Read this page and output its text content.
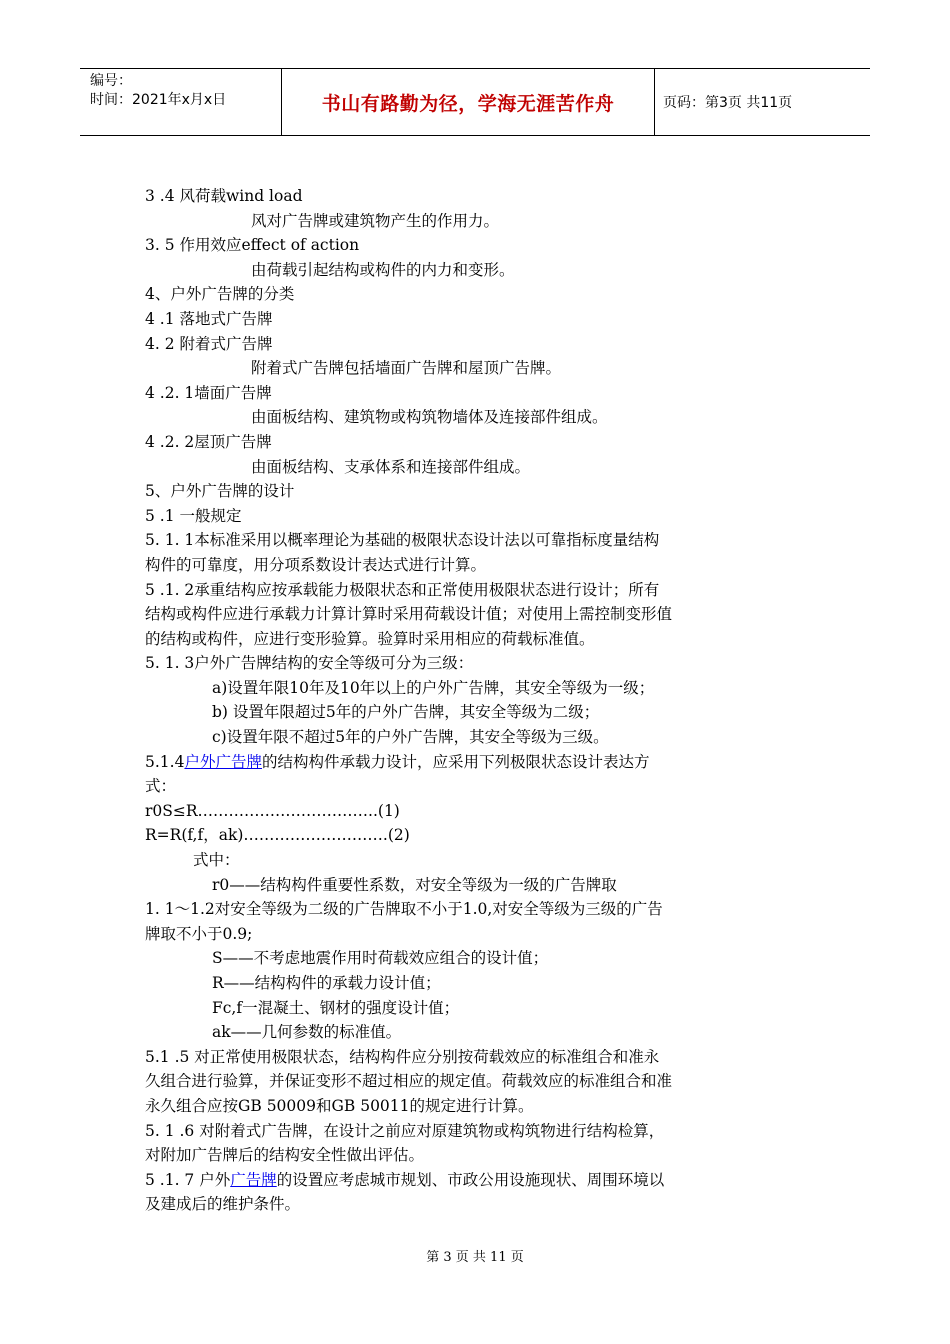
编号：
时间：2021年x月x日	书山有路勤为径，学海无涯苦作舟	页码：第3页 共11页

3 .4 风荷载wind load

风对广告牌或建筑物产生的作用力。

3. 5 作用效应effect of action

由荷载引起结构或构件的内力和变形。

4、户外广告牌的分类

4 .1 落地式广告牌

4. 2 附着式广告牌

附着式广告牌包括墙面广告牌和屋顶广告牌。

4 .2. 1墙面广告牌

由面板结构、建筑物或构筑物墙体及连接部件组成。

4 .2. 2屋顶广告牌

由面板结构、支承体系和连接部件组成。

5、户外广告牌的设计

5 .1 一般规定

5. 1. 1本标准采用以概率理论为基础的极限状态设计法以可靠指标度量结构

构件的可靠度，用分项系数设计表达式进行计算。

5 .1. 2承重结构应按承载能力极限状态和正常使用极限状态进行设计；所有

结构或构件应进行承载力计算计算时采用荷载设计值；对使用上需控制变形值

的结构或构件，应进行变形验算。验算时采用相应的荷载标准值。

5. 1. 3户外广告牌结构的安全等级可分为三级：

a)设置年限10年及10年以上的户外广告牌，其安全等级为一级；

b) 设置年限超过5年的户外广告牌，其安全等级为二级；

c)设置年限不超过5年的户外广告牌，其安全等级为三级。

5.1.4户外广告牌的结构构件承载力设计，应采用下列极限状态设计表达方

式：

r0S≤R……………………………..(1)

R=R(f,f，ak)……………………….(2)

式中：

r0——结构构件重要性系数，对安全等级为一级的广告牌取

1. 1～1.2对安全等级为二级的广告牌取不小于1.0,对安全等级为三级的广告

牌取不小于0.9;

S——不考虑地震作用时荷载效应组合的设计值；

R——结构构件的承载力设计值；

Fc,f一混凝土、钢材的强度设计值；

ak——几何参数的标准值。

5.1 .5 对正常使用极限状态，结构构件应分别按荷载效应的标准组合和准永

久组合进行验算，并保证变形不超过相应的规定值。荷载效应的标准组合和准

永久组合应按GB 50009和GB 50011的规定进行计算。

5. 1 .6 对附着式广告牌，在设计之前应对原建筑物或构筑物进行结构检算，

对附加广告牌后的结构安全性做出评估。

5 .1. 7 户外广告牌的设置应考虑城市规划、市政公用设施现状、周围环境以

及建成后的维护条件。

第 3 页 共 11 页
